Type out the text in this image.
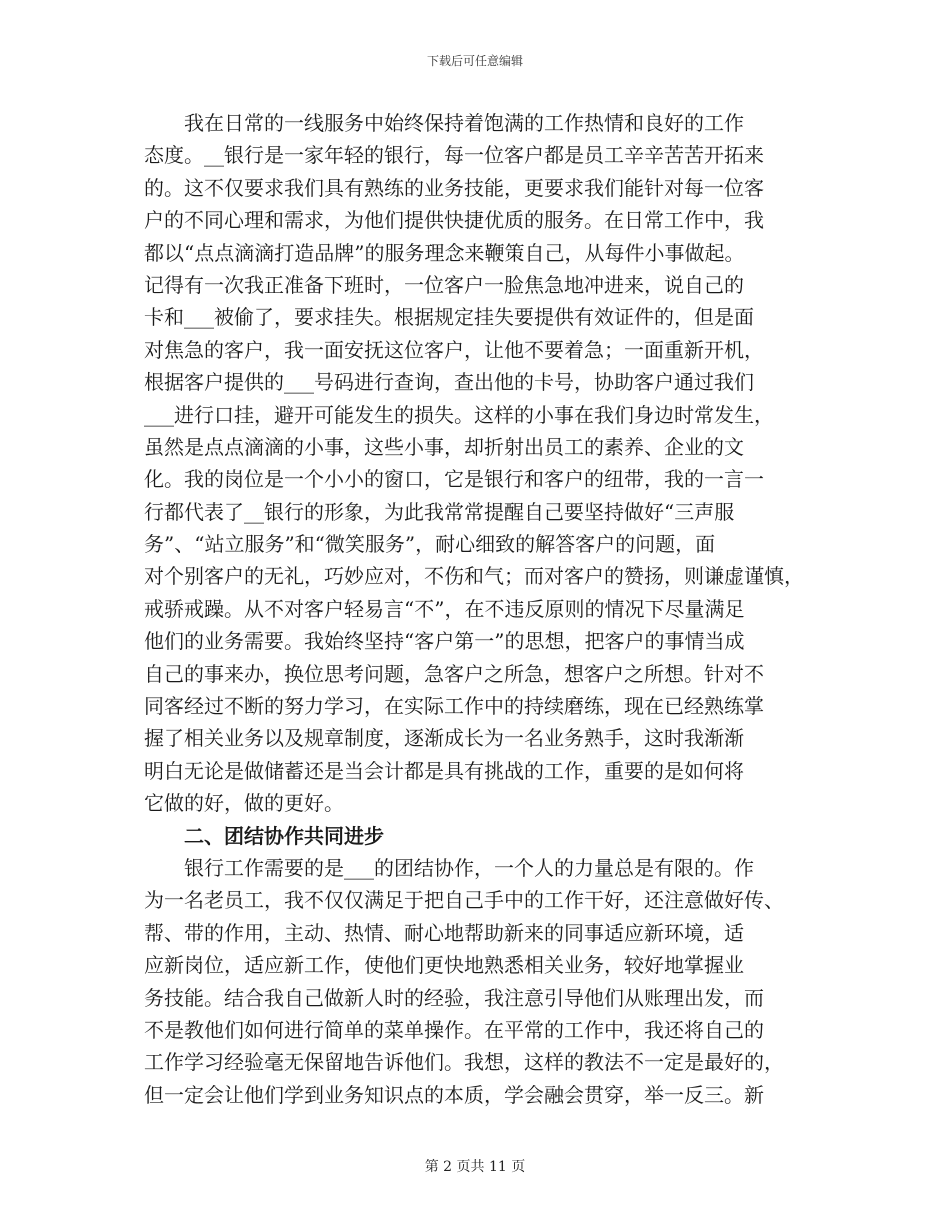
下载后可任意编辑
我在日常的一线服务中始终保持着饱满的工作热情和良好的工作
态度。__银行是一家年轻的银行，每一位客户都是员工辛辛苦苦开拓来
的。这不仅要求我们具有熟练的业务技能，更要求我们能针对每一位客
户的不同心理和需求，为他们提供快捷优质的服务。在日常工作中，我
都以“点点滴滴打造品牌”的服务理念来鞭策自己，从每件小事做起。
记得有一次我正准备下班时，一位客户一脸焦急地冲进来，说自己的
卡和___被偷了，要求挂失。根据规定挂失要提供有效证件的，但是面
对焦急的客户，我一面安抚这位客户，让他不要着急；一面重新开机，
根据客户提供的___号码进行查询，查出他的卡号，协助客户通过我们
___进行口挂，避开可能发生的损失。这样的小事在我们身边时常发生，
虽然是点点滴滴的小事，这些小事，却折射出员工的素养、企业的文
化。我的岗位是一个小小的窗口，它是银行和客户的纽带，我的一言一
行都代表了__银行的形象，为此我常常提醒自己要坚持做好“三声服
务”、“站立服务”和“微笑服务”，耐心细致的解答客户的问题，面
对个别客户的无礼，巧妙应对，不伤和气；而对客户的赞扬，则谦虚谨慎，
戒骄戒躁。从不对客户轻易言“不”，在不违反原则的情况下尽量满足
他们的业务需要。我始终坚持“客户第一”的思想，把客户的事情当成
自己的事来办，换位思考问题，急客户之所急，想客户之所想。针对不
同客经过不断的努力学习，在实际工作中的持续磨练，现在已经熟练掌
握了相关业务以及规章制度，逐渐成长为一名业务熟手，这时我渐渐
明白无论是做储蓄还是当会计都是具有挑战的工作，重要的是如何将
它做的好，做的更好。
二、团结协作共同进步
银行工作需要的是___的团结协作，一个人的力量总是有限的。作
为一名老员工，我不仅仅满足于把自己手中的工作干好，还注意做好传、
帮、带的作用，主动、热情、耐心地帮助新来的同事适应新环境，适
应新岗位，适应新工作，使他们更快地熟悉相关业务，较好地掌握业
务技能。结合我自己做新人时的经验，我注意引导他们从账理出发，而
不是教他们如何进行简单的菜单操作。在平常的工作中，我还将自己的
工作学习经验毫无保留地告诉他们。我想，这样的教法不一定是最好的，
但一定会让他们学到业务知识点的本质，学会融会贯穿，举一反三。新
第 2 页共 11 页
